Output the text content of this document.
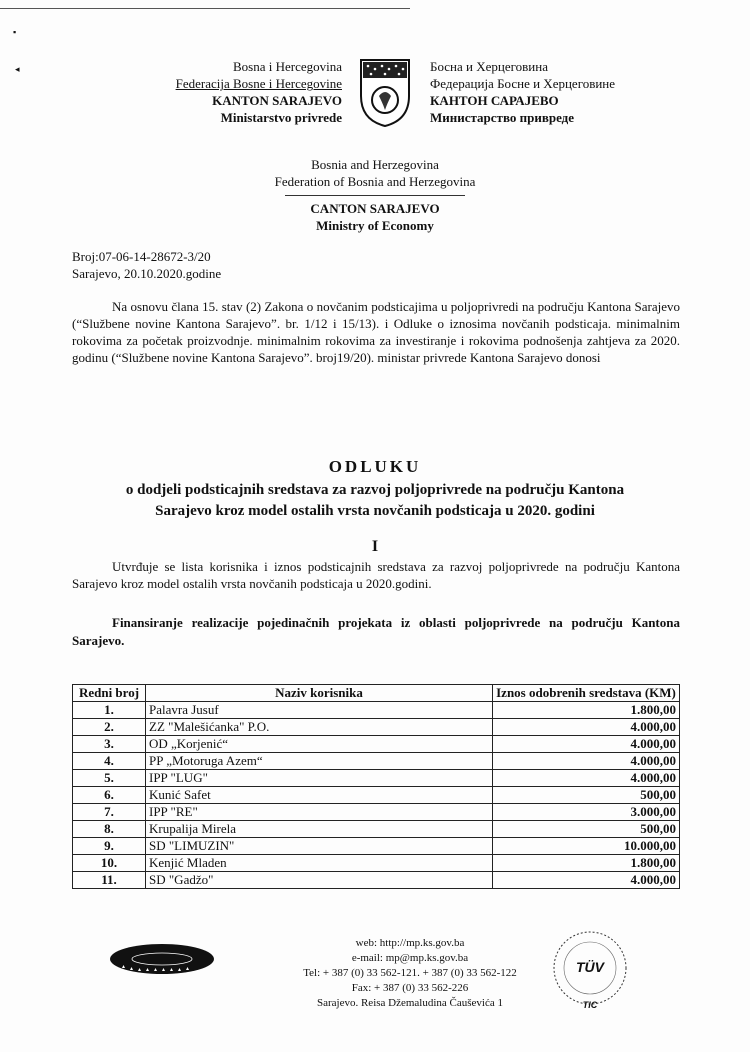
▪
◂	Bosna i Hercegovina
Federacija Bosne i Hercegovine
KANTON SARAJEVO
Ministarstvo privrede
Босна и Херцеговина
Федерација Босне и Херцеговине
КАНТОН САРАЈЕВО
Министарство привреде
Bosnia and Herzegovina
Federation of Bosnia and Herzegovina
CANTON SARAJEVO
Ministry of Economy
Broj:07-06-14-28672-3/20
Sarajevo, 20.10.2020.godine
Na osnovu člana 15. stav (2) Zakona o novčanim podsticajima u poljoprivredi na području Kantona Sarajevo (“Službene novine Kantona Sarajevo”. br. 1/12 i 15/13). i Odluke o iznosima novčanih podsticaja. minimalnim rokovima za početak proizvodnje. minimalnim rokovima za investiranje i rokovima podnošenja zahtjeva za 2020. godinu (“Službene novine Kantona Sarajevo”. broj19/20). ministar privrede Kantona Sarajevo donosi
ODLUKU
o dodjeli podsticajnih sredstava za razvoj poljoprivrede na području Kantona
Sarajevo kroz model ostalih vrsta novčanih podsticaja u 2020. godini
I
Utvrđuje se lista korisnika i iznos podsticajnih sredstava za razvoj poljoprivrede na području Kantona Sarajevo kroz model ostalih vrsta novčanih podsticaja u 2020.godini.
Finansiranje realizacije pojedinačnih projekata iz oblasti poljoprivrede na području Kantona Sarajevo.
Redni broj	Naziv korisnika	Iznos odobrenih sredstava (KM)
1.	Palavra Jusuf	1.800,00
2.	ZZ "Malešićanka" P.O.	4.000,00
3.	OD „Korjenić“	4.000,00
4.	PP „Motoruga Azem“	4.000,00
5.	IPP "LUG"	4.000,00
6.	Kunić Safet	500,00
7.	IPP "RE"	3.000,00
8.	Krupalija Mirela	500,00
9.	SD "LIMUZIN"	10.000,00
10.	Kenjić Mladen	1.800,00
11.	SD "Gadžo"	4.000,00
web: http://mp.ks.gov.ba
e-mail: mp@mp.ks.gov.ba
Tel: + 387 (0) 33 562-121. + 387 (0) 33 562-122
Fax: + 387 (0) 33 562-226
Sarajevo. Reisa Džemaludina Čauševića 1
TÜV
TIC
